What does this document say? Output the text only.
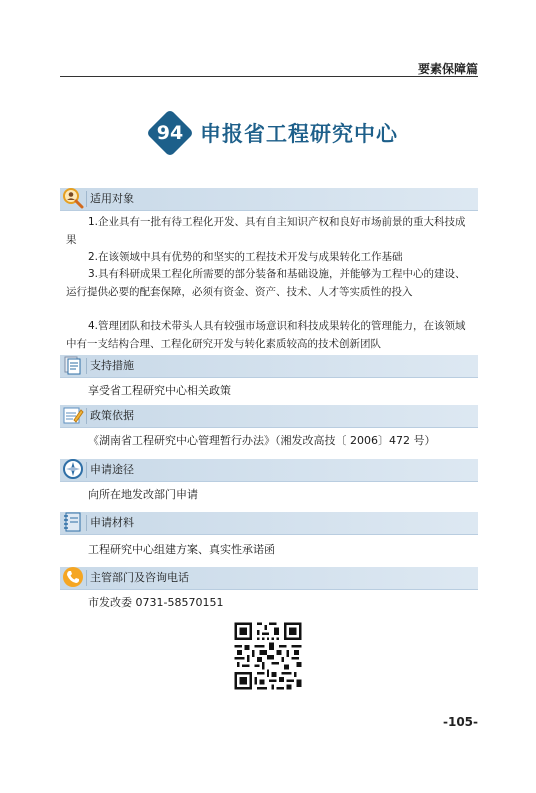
要素保障篇
94 申报省工程研究中心
适用对象
1.企业具有一批有待工程化开发、具有自主知识产权和良好市场前景的重大科技成果
2.在该领域中具有优势的和坚实的工程技术开发与成果转化工作基础
3.具有科研成果工程化所需要的部分装备和基础设施，并能够为工程中心的建设、运行提供必要的配套保障，必须有资金、资产、技术、人才等实质性的投入
4.管理团队和技术带头人具有较强市场意识和科技成果转化的管理能力，在该领域中有一支结构合理、工程化研究开发与转化素质较高的技术创新团队
支持措施
享受省工程研究中心相关政策
政策依据
《湖南省工程研究中心管理暂行办法》（湘发改高技〔 2006〕472 号）
申请途径
向所在地发改部门申请
申请材料
工程研究中心组建方案、真实性承诺函
主管部门及咨询电话
市发改委 0731-58570151
-105-
